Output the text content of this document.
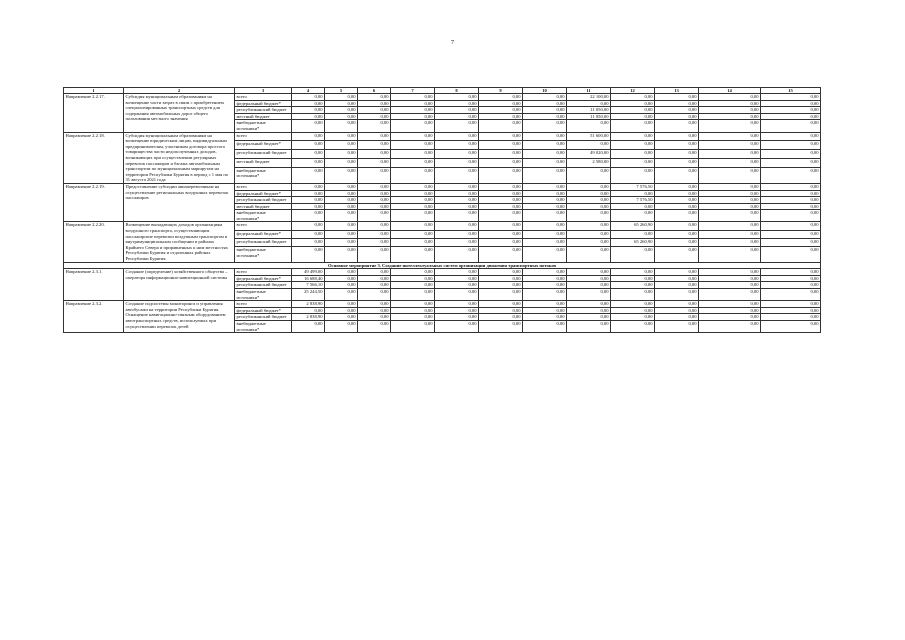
7
1	2	3	4	5	6	7	8	9	10	11	12	13	14	15
Направление 2.2.17.	Субсидия муниципальным образованиям на возмещение части затрат в связи с приобретением специализированных транспортных средств для содержания автомобильных дорог общего пользования местного значения	всего	0,00	0,00	0,00	0,00	0,00	0,00	0,00	22 100,00	0,00	0,00	0,00	0,00
		федеральный бюджет*	0,00	0,00	0,00	0,00	0,00	0,00	0,00	0,00	0,00	0,00	0,00	0,00
		республиканский бюджет	0,00	0,00	0,00	0,00	0,00	0,00	0,00	11 050,00	0,00	0,00	0,00	0,00
		местный бюджет	0,00	0,00	0,00	0,00	0,00	0,00	0,00	11 050,00	0,00	0,00	0,00	0,00
		внебюджетные источники*	0,00	0,00	0,00	0,00	0,00	0,00	0,00	0,00	0,00	0,00	0,00	0,00
Направление 2.2.18.	Субсидия муниципальным образованиям на возмещение юридическим лицам, индивидуальным предпринимателям, участникам договора простого товарищества части недополученных доходов, возникающих при осуществлении регулярных перевозок пассажиров и багажа автомобильным транспортом по муниципальным маршрутам на территории Республики Бурятия в период с 1 мая по 31 августа 2021 года	всего	0,00	0,00	0,00	0,00	0,00	0,00	0,00	51 600,00	0,00	0,00	0,00	0,00
		федеральный бюджет*	0,00	0,00	0,00	0,00	0,00	0,00	0,00	0,00	0,00	0,00	0,00	0,00
		республиканский бюджет	0,00	0,00	0,00	0,00	0,00	0,00	0,00	49 020,00	0,00	0,00	0,00	0,00
		местный бюджет	0,00	0,00	0,00	0,00	0,00	0,00	0,00	2 580,00	0,00	0,00	0,00	0,00
		внебюджетные источники*	0,00	0,00	0,00	0,00	0,00	0,00	0,00	0,00	0,00	0,00	0,00	0,00
Направление 2.2.19.	Предоставление субсидии авиаперевозчикам на осуществление региональных воздушных перевозок пассажиров	всего	0,00	0,00	0,00	0,00	0,00	0,00	0,00	0,00	7 576,50	0,00	0,00	0,00
		федеральный бюджет*	0,00	0,00	0,00	0,00	0,00	0,00	0,00	0,00	0,00	0,00	0,00	0,00
		республиканский бюджет	0,00	0,00	0,00	0,00	0,00	0,00	0,00	0,00	7 576,50	0,00	0,00	0,00
		местный бюджет	0,00	0,00	0,00	0,00	0,00	0,00	0,00	0,00	0,00	0,00	0,00	0,00
		внебюджетные источники*	0,00	0,00	0,00	0,00	0,00	0,00	0,00	0,00	0,00	0,00	0,00	0,00
Направление 2.2.20.	Возмещение выпадающих доходов организациям воздушного транспорта, осуществляющим пассажирские перевозки воздушным транспортом в внутримуниципальном сообщении в районах Крайнего Севера и приравненных к ним местностях Республики Бурятия и отдаленных районах Республики Бурятия	всего	0,00	0,00	0,00	0,00	0,00	0,00	0,00	0,00	65 260,90	0,00	0,00	0,00
		федеральный бюджет*	0,00	0,00	0,00	0,00	0,00	0,00	0,00	0,00	0,00	0,00	0,00	0,00
		республиканский бюджет	0,00	0,00	0,00	0,00	0,00	0,00	0,00	0,00	65 260,90	0,00	0,00	0,00
		внебюджетные источники*	0,00	0,00	0,00	0,00	0,00	0,00	0,00	0,00	0,00	0,00	0,00	0,00
Основное мероприятие 3. Создание интеллектуальных систем организации движения транспортных потоков														
Направление 2.3.1.	Создание (определение) хозяйственного общества – оператора информационно-навигационной системы	всего	49 499,00	0,00	0,00	0,00	0,00	0,00	0,00	0,00	0,00	0,00	0,00	0,00
		федеральный бюджет*	16 688,40	0,00	0,00	0,00	0,00	0,00	0,00	0,00	0,00	0,00	0,00	0,00
		республиканский бюджет	7 566,10	0,00	0,00	0,00	0,00	0,00	0,00	0,00	0,00	0,00	0,00	0,00
		внебюджетные источники*	25 244,50	0,00	0,00	0,00	0,00	0,00	0,00	0,00	0,00	0,00	0,00	0,00
Направление 2.3.2.	Создание подсистемы мониторинга и управления автобусами на территории Республики Бурятия. Оснащение навигационно-связным оборудованием автотранспортных средств, используемых при осуществлении перевозок детей	всего	2 838,90	0,00	0,00	0,00	0,00	0,00	0,00	0,00	0,00	0,00	0,00	0,00
		федеральный бюджет*	0,00	0,00	0,00	0,00	0,00	0,00	0,00	0,00	0,00	0,00	0,00	0,00
		республиканский бюджет	2 838,90	0,00	0,00	0,00	0,00	0,00	0,00	0,00	0,00	0,00	0,00	0,00
		внебюджетные источники*	0,00	0,00	0,00	0,00	0,00	0,00	0,00	0,00	0,00	0,00	0,00	0,00
